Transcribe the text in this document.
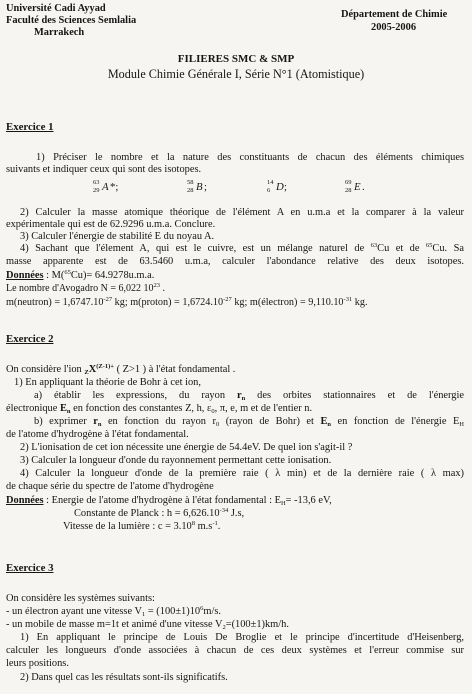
Université Cadi Ayyad
Faculté des Sciences Semlalia
Marrakech
Département de Chimie
2005-2006
FILIERES SMC & SMP
Module Chimie Générale I, Série N°1 (Atomistique)
Exercice 1
1) Préciser le nombre et la nature des constituants de chacun des éléments chimiques
suivants et indiquer ceux qui sont des isotopes.
63
29 A *;
	58
28 B ;
	14
6 D ;
	69
28 E .
2) Calculer la masse atomique théorique de l'élément A en u.m.a et la comparer à la valeur
expérimentale qui est de 62.9296 u.m.a. Conclure.
3) Calculer l'énergie de stabilité E du noyau A.
4) Sachant que l'élement A, qui est le cuivre, est un mélange naturel de $^{63}$Cu et de $^{65}$Cu. Sa
masse apparente est de 63.5460 u.m.a, calculer l'abondance relative des deux isotopes.
Données : M($^{65}$Cu)= 64.9278u.m.a.
Le nombre d'Avogadro N = 6,022 $10^{23}$ .
m(neutron) = $1,6747.10^{-27}$ kg; m(proton) = $1,6724.10^{-27}$ kg; m(électron) = $9,110.10^{-31}$ kg.
Exercice 2
On considère l'ion $_ZX^{(Z-1)+}$ ( Z>1 ) à l'état fondamental .
1) En appliquant la théorie de Bohr à cet ion,
a) établir les expressions, du rayon $r_n$ des orbites stationnaires et de l'énergie
électronique $E_n$ en fonction des constantes Z, h, $\varepsilon_0$, π, e, m et de l'entier n.
b) exprimer $r_n$ en fonction du rayon $r_0$ (rayon de Bohr) et $E_n$ en fonction de l'énergie $E_H$
de l'atome d'hydrogène à l'état fondamental.
2) L'ionisation de cet ion nécessite une énergie de 54.4eV. De quel ion s'agit-il ?
3) Calculer la longueur d'onde du rayonnement permettant cette ionisation.
4) Calculer la longueur d'onde de la première raie ( λ min) et de la dernière raie ( λ max)
de chaque série du spectre de l'atome d'hydrogène
Données : Energie de l'atome d'hydrogène à l'état fondamental : $E_H= -13,6$ eV,
Constante de Planck : $h = 6,626.10^{-34}$ J.s,
Vitesse de la lumière : $c = 3.10^8$ $m.s^{-1}$.
Exercice 3
On considère les systèmes suivants:
- un électron ayant une vitesse $V_1 = (100\pm 1)10^6m/s$.
- un mobile de masse m=1t et animé d'une vitesse $V_2=(100\pm 1)km/h$.
1) En appliquant le principe de Louis De Broglie et le principe d'incertitude d'Heisenberg,
calculer les longueurs d'onde associées à chacun de ces deux systèmes et l'erreur commise sur
leurs positions.
2) Dans quel cas les résultats sont-ils significatifs.
